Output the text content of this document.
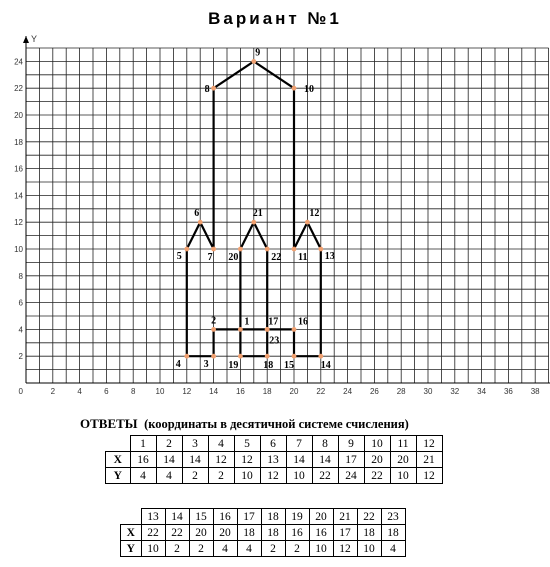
Вариант №1
Y
0	2	4	6	8	10 12 14 16 18 20 22 24 26 28 30 32 34 36 38
2
4
6
8
10
12
14
16
18
20
22
24
1
2
3
4
5
6
7
8
9
10
11
12
13
14
15
16
17
18
19
20
21
22
23
ОТВЕТЫ (координаты в десятичной системе счисления)
	1	2	3	4	5	6	7	8	9	10	11	12
X	16	14	14	12	12	13	14	14	17	20	20	21
Y	4	4	2	2	10	12	10	22	24	22	10	12
	13	14	15	16	17	18	19	20	21	22	23
X	22	22	20	20	18	18	16	16	17	18	18
Y	10	2	2	4	4	2	2	10	12	10	4
